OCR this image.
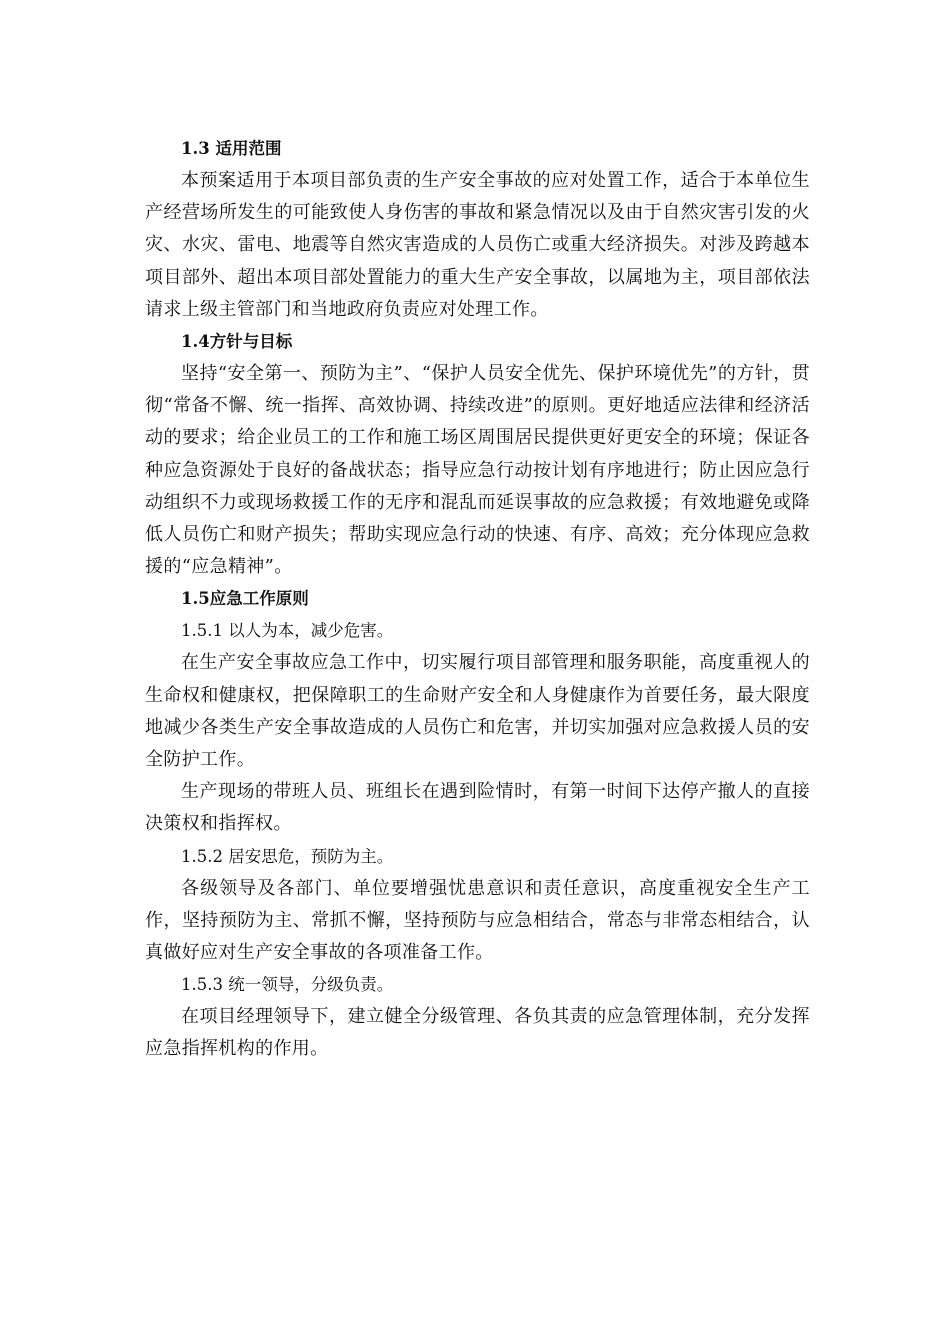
1.3 适用范围

本预案适用于本项目部负责的生产安全事故的应对处置工作，适合于本单位生产经营场所发生的可能致使人身伤害的事故和紧急情况以及由于自然灾害引发的火灾、水灾、雷电、地震等自然灾害造成的人员伤亡或重大经济损失。对涉及跨越本项目部外、超出本项目部处置能力的重大生产安全事故，以属地为主，项目部依法请求上级主管部门和当地政府负责应对处理工作。

1.4方针与目标

坚持“安全第一、预防为主”、“保护人员安全优先、保护环境优先”的方针，贯彻“常备不懈、统一指挥、高效协调、持续改进”的原则。更好地适应法律和经济活动的要求；给企业员工的工作和施工场区周围居民提供更好更安全的环境；保证各种应急资源处于良好的备战状态；指导应急行动按计划有序地进行；防止因应急行动组织不力或现场救援工作的无序和混乱而延误事故的应急救援；有效地避免或降低人员伤亡和财产损失；帮助实现应急行动的快速、有序、高效；充分体现应急救援的“应急精神”。

1.5应急工作原则

1.5.1 以人为本，减少危害。

在生产安全事故应急工作中，切实履行项目部管理和服务职能，高度重视人的生命权和健康权，把保障职工的生命财产安全和人身健康作为首要任务，最大限度地减少各类生产安全事故造成的人员伤亡和危害，并切实加强对应急救援人员的安全防护工作。

生产现场的带班人员、班组长在遇到险情时，有第一时间下达停产撤人的直接决策权和指挥权。

1.5.2 居安思危，预防为主。

各级领导及各部门、单位要增强忧患意识和责任意识，高度重视安全生产工作，坚持预防为主、常抓不懈，坚持预防与应急相结合，常态与非常态相结合，认真做好应对生产安全事故的各项准备工作。

1.5.3 统一领导，分级负责。

在项目经理领导下，建立健全分级管理、各负其责的应急管理体制，充分发挥应急指挥机构的作用。
